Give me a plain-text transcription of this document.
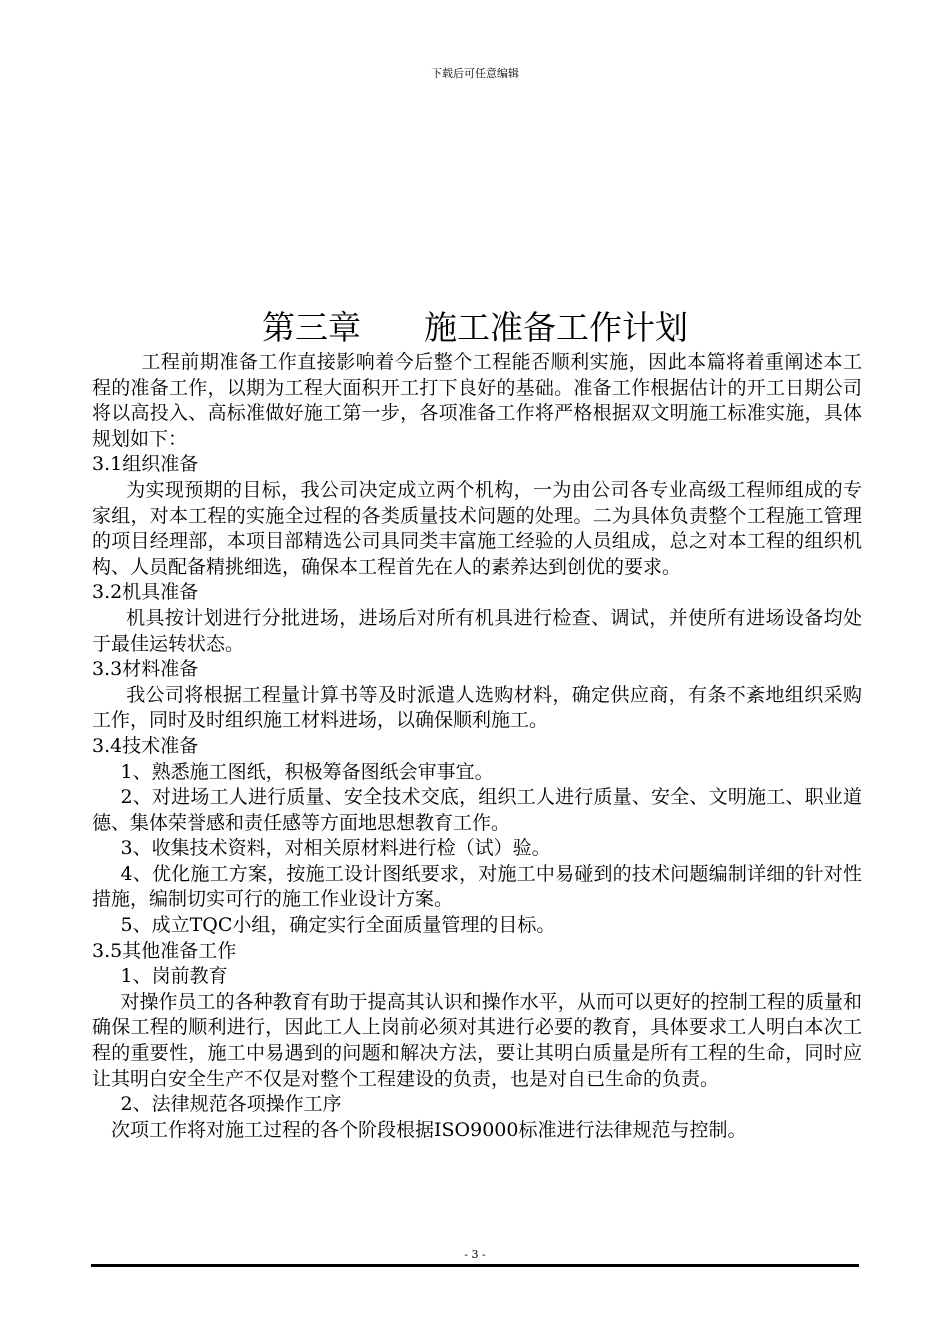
下载后可任意编辑
第三章      施工准备工作计划

工程前期准备工作直接影响着今后整个工程能否顺利实施，因此本篇将着重阐述本工程的准备工作，以期为工程大面积开工打下良好的基础。准备工作根据估计的开工日期公司将以高投入、高标准做好施工第一步，各项准备工作将严格根据双文明施工标准实施，具体规划如下：

3.1组织准备

为实现预期的目标，我公司决定成立两个机构，一为由公司各专业高级工程师组成的专家组，对本工程的实施全过程的各类质量技术问题的处理。二为具体负责整个工程施工管理的项目经理部，本项目部精选公司具同类丰富施工经验的人员组成，总之对本工程的组织机构、人员配备精挑细选，确保本工程首先在人的素养达到创优的要求。

3.2机具准备

机具按计划进行分批进场，进场后对所有机具进行检查、调试，并使所有进场设备均处于最佳运转状态。

3.3材料准备

我公司将根据工程量计算书等及时派遣人选购材料，确定供应商，有条不紊地组织采购工作，同时及时组织施工材料进场，以确保顺利施工。

3.4技术准备

1、熟悉施工图纸，积极筹备图纸会审事宜。

2、对进场工人进行质量、安全技术交底，组织工人进行质量、安全、文明施工、职业道德、集体荣誉感和责任感等方面地思想教育工作。

3、收集技术资料，对相关原材料进行检（试）验。

4、优化施工方案，按施工设计图纸要求，对施工中易碰到的技术问题编制详细的针对性措施，编制切实可行的施工作业设计方案。

5、成立TQC小组，确定实行全面质量管理的目标。

3.5其他准备工作

1、岗前教育

对操作员工的各种教育有助于提高其认识和操作水平，从而可以更好的控制工程的质量和确保工程的顺利进行，因此工人上岗前必须对其进行必要的教育，具体要求工人明白本次工程的重要性，施工中易遇到的问题和解决方法，要让其明白质量是所有工程的生命，同时应让其明白安全生产不仅是对整个工程建设的负责，也是对自已生命的负责。

2、法律规范各项操作工序

次项工作将对施工过程的各个阶段根据ISO9000标准进行法律规范与控制。

- 3 -
